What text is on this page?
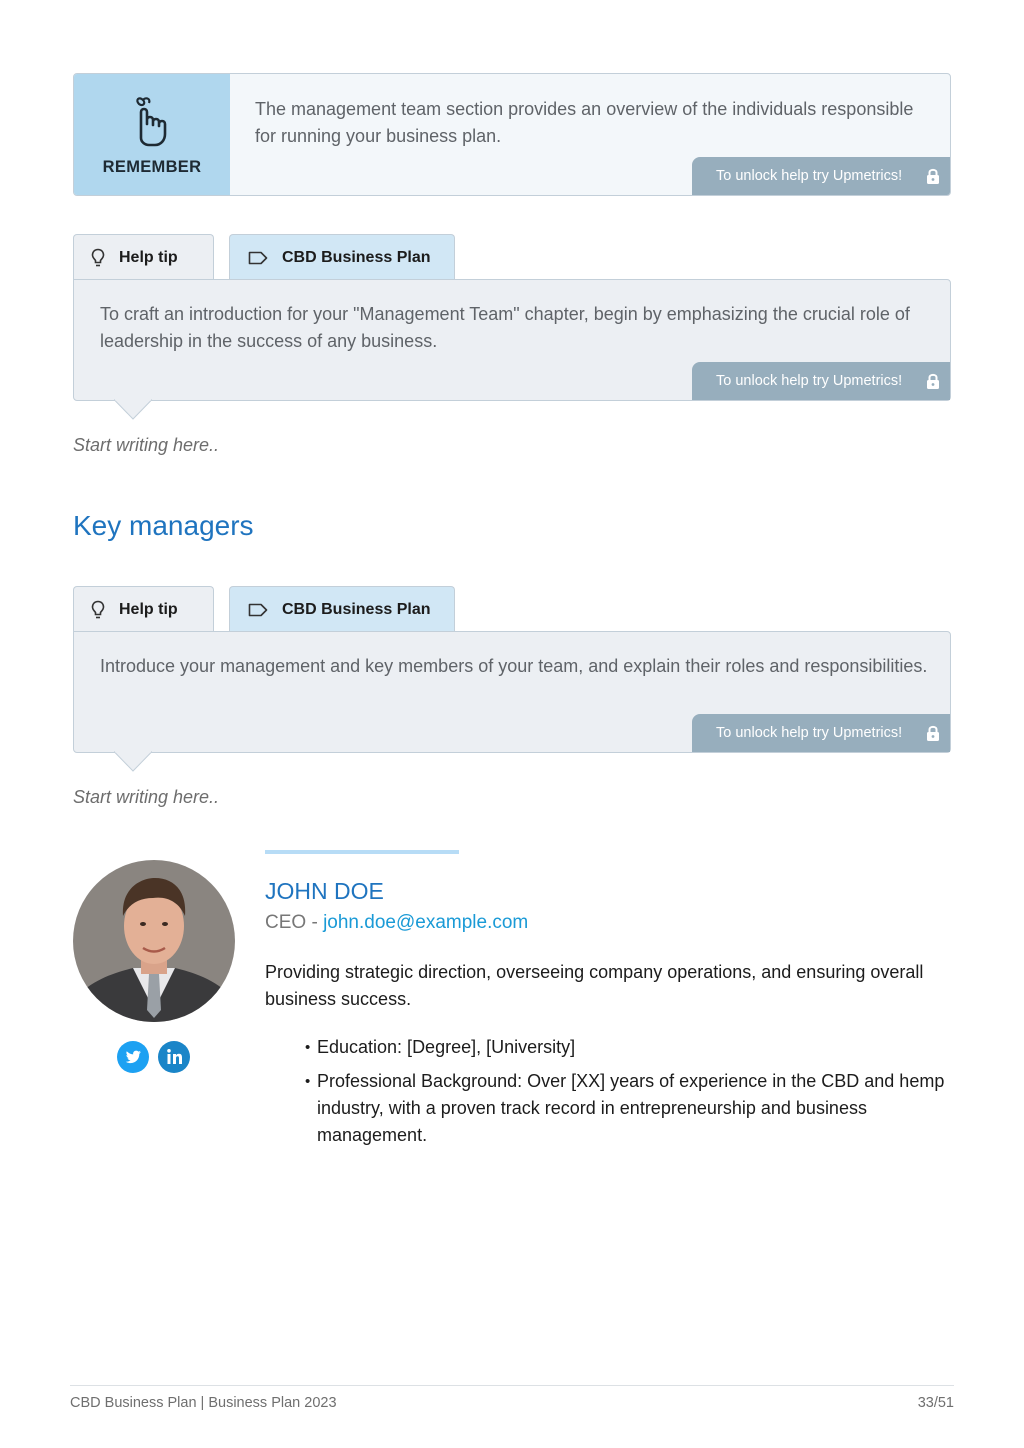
REMEMBER
The management team section provides an overview of the individuals responsible for running your business plan.
To unlock help try Upmetrics!
Help tip	CBD Business Plan
To craft an introduction for your "Management Team" chapter, begin by emphasizing the crucial role of leadership in the success of any business.
To unlock help try Upmetrics!
Start writing here..
Key managers
Help tip	CBD Business Plan
Introduce your management and key members of your team, and explain their roles and responsibilities.
To unlock help try Upmetrics!
Start writing here..
JOHN DOE
CEO - john.doe@example.com
Providing strategic direction, overseeing company operations, and ensuring overall business success.
• Education: [Degree], [University]
• Professional Background: Over [XX] years of experience in the CBD and hemp industry, with a proven track record in entrepreneurship and business management.
CBD Business Plan | Business Plan 2023	33/51
